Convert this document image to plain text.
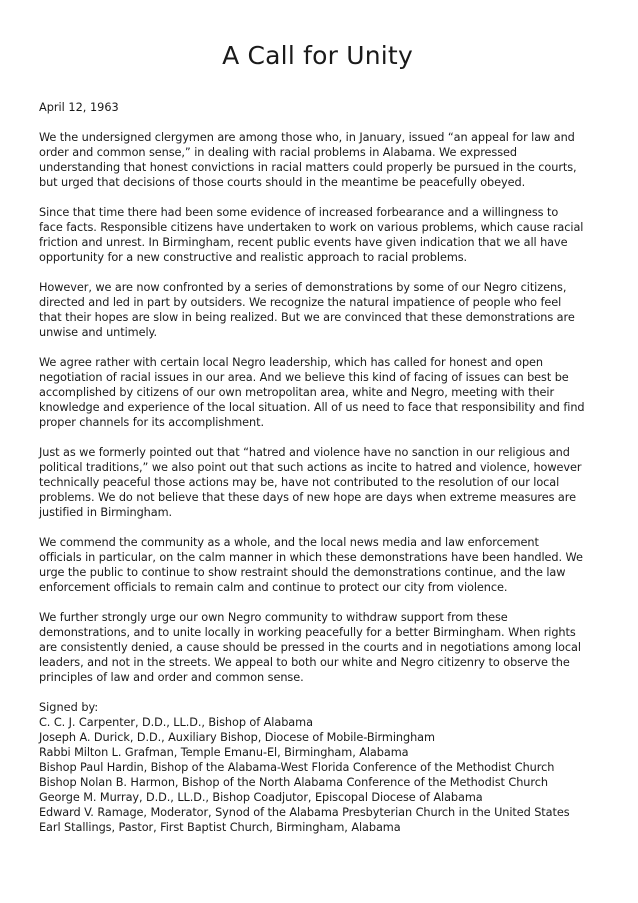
A Call for Unity

April 12, 1963

We the undersigned clergymen are among those who, in January, issued “an appeal for law and
order and common sense,” in dealing with racial problems in Alabama. We expressed
understanding that honest convictions in racial matters could properly be pursued in the courts,
but urged that decisions of those courts should in the meantime be peacefully obeyed.

Since that time there had been some evidence of increased forbearance and a willingness to
face facts. Responsible citizens have undertaken to work on various problems, which cause racial
friction and unrest. In Birmingham, recent public events have given indication that we all have
opportunity for a new constructive and realistic approach to racial problems.

However, we are now confronted by a series of demonstrations by some of our Negro citizens,
directed and led in part by outsiders. We recognize the natural impatience of people who feel
that their hopes are slow in being realized. But we are convinced that these demonstrations are
unwise and untimely.

We agree rather with certain local Negro leadership, which has called for honest and open
negotiation of racial issues in our area. And we believe this kind of facing of issues can best be
accomplished by citizens of our own metropolitan area, white and Negro, meeting with their
knowledge and experience of the local situation. All of us need to face that responsibility and find
proper channels for its accomplishment.

Just as we formerly pointed out that “hatred and violence have no sanction in our religious and
political traditions,” we also point out that such actions as incite to hatred and violence, however
technically peaceful those actions may be, have not contributed to the resolution of our local
problems. We do not believe that these days of new hope are days when extreme measures are
justified in Birmingham.

We commend the community as a whole, and the local news media and law enforcement
officials in particular, on the calm manner in which these demonstrations have been handled. We
urge the public to continue to show restraint should the demonstrations continue, and the law
enforcement officials to remain calm and continue to protect our city from violence.

We further strongly urge our own Negro community to withdraw support from these
demonstrations, and to unite locally in working peacefully for a better Birmingham. When rights
are consistently denied, a cause should be pressed in the courts and in negotiations among local
leaders, and not in the streets. We appeal to both our white and Negro citizenry to observe the
principles of law and order and common sense.

Signed by:

C. C. J. Carpenter, D.D., LL.D., Bishop of Alabama

Joseph A. Durick, D.D., Auxiliary Bishop, Diocese of Mobile-Birmingham

Rabbi Milton L. Grafman, Temple Emanu-El, Birmingham, Alabama

Bishop Paul Hardin, Bishop of the Alabama-West Florida Conference of the Methodist Church

Bishop Nolan B. Harmon, Bishop of the North Alabama Conference of the Methodist Church

George M. Murray, D.D., LL.D., Bishop Coadjutor, Episcopal Diocese of Alabama

Edward V. Ramage, Moderator, Synod of the Alabama Presbyterian Church in the United States

Earl Stallings, Pastor, First Baptist Church, Birmingham, Alabama
